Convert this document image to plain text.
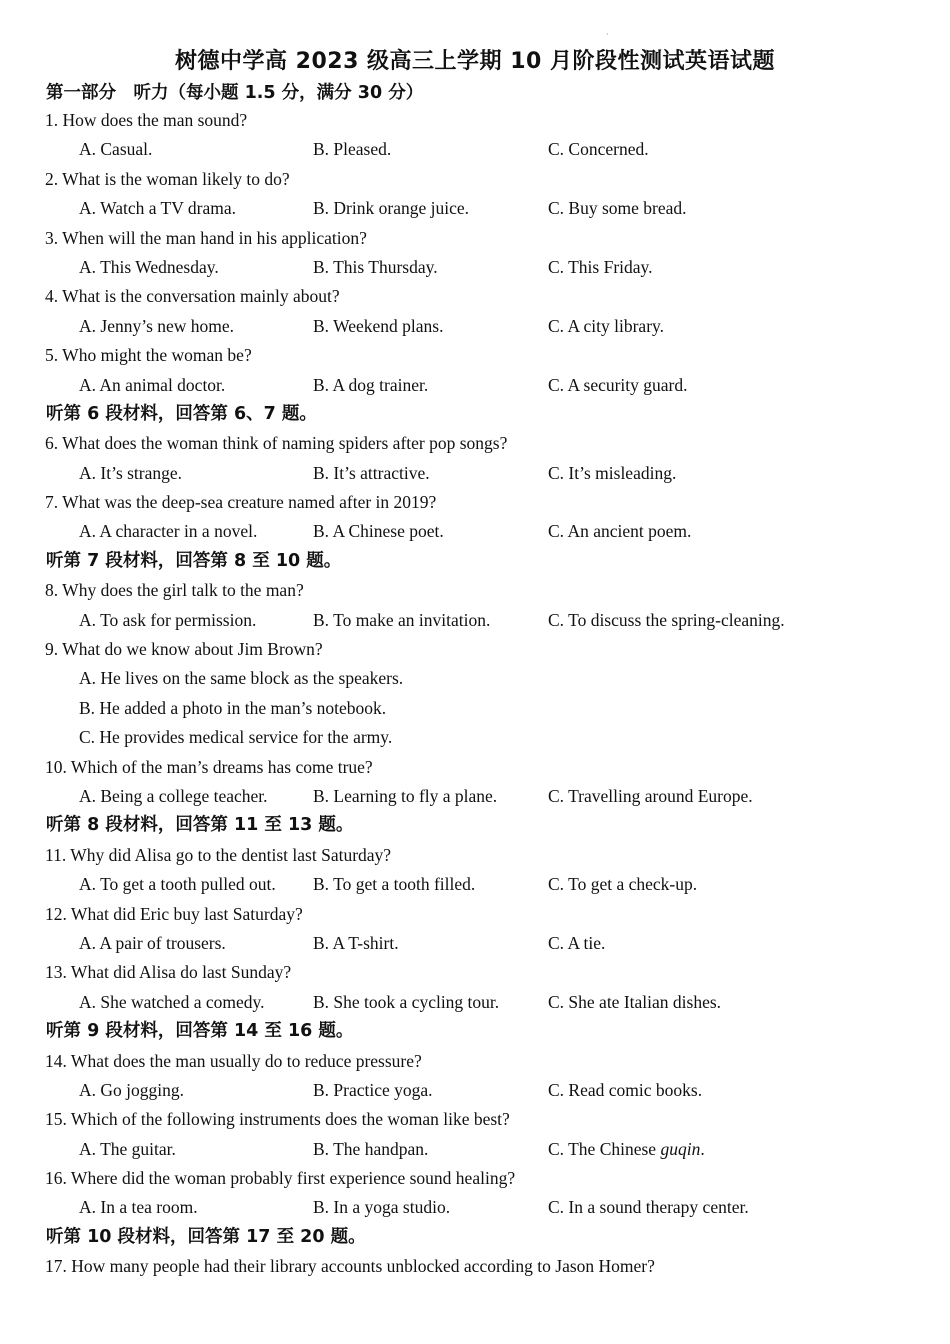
·
树德中学高 2023 级高三上学期 10 月阶段性测试英语试题
第一部分　听力（每小题 1.5 分，满分 30 分）
1. How does the man sound?
A. Casual.	B. Pleased.	C. Concerned.
2. What is the woman likely to do?
A. Watch a TV drama.	B. Drink orange juice.	C. Buy some bread.
3. When will the man hand in his application?
A. This Wednesday.	B. This Thursday.	C. This Friday.
4. What is the conversation mainly about?
A. Jenny’s new home.	B. Weekend plans.	C. A city library.
5. Who might the woman be?
A. An animal doctor.	B. A dog trainer.	C. A security guard.
听第 6 段材料，回答第 6、7 题。
6. What does the woman think of naming spiders after pop songs?
A. It’s strange.	B. It’s attractive.	C. It’s misleading.
7. What was the deep-sea creature named after in 2019?
A. A character in a novel.	B. A Chinese poet.	C. An ancient poem.
听第 7 段材料，回答第 8 至 10 题。
8. Why does the girl talk to the man?
A. To ask for permission.	B. To make an invitation.	C. To discuss the spring-cleaning.
9. What do we know about Jim Brown?
A. He lives on the same block as the speakers.
B. He added a photo in the man’s notebook.
C. He provides medical service for the army.
10. Which of the man’s dreams has come true?
A. Being a college teacher.	B. Learning to fly a plane.	C. Travelling around Europe.
听第 8 段材料，回答第 11 至 13 题。
11. Why did Alisa go to the dentist last Saturday?
A. To get a tooth pulled out. B. To get a tooth filled.	C. To get a check-up.
12. What did Eric buy last Saturday?
A. A pair of trousers.	B. A T-shirt.	C. A tie.
13. What did Alisa do last Sunday?
A. She watched a comedy.	B. She took a cycling tour.	C. She ate Italian dishes.
听第 9 段材料，回答第 14 至 16 题。
14. What does the man usually do to reduce pressure?
A. Go jogging.	B. Practice yoga.	C. Read comic books.
15. Which of the following instruments does the woman like best?
A. The guitar.	B. The handpan.	C. The Chinese guqin.
16. Where did the woman probably first experience sound healing?
A. In a tea room.	B. In a yoga studio.	C. In a sound therapy center.
听第 10 段材料，回答第 17 至 20 题。
17. How many people had their library accounts unblocked according to Jason Homer?
